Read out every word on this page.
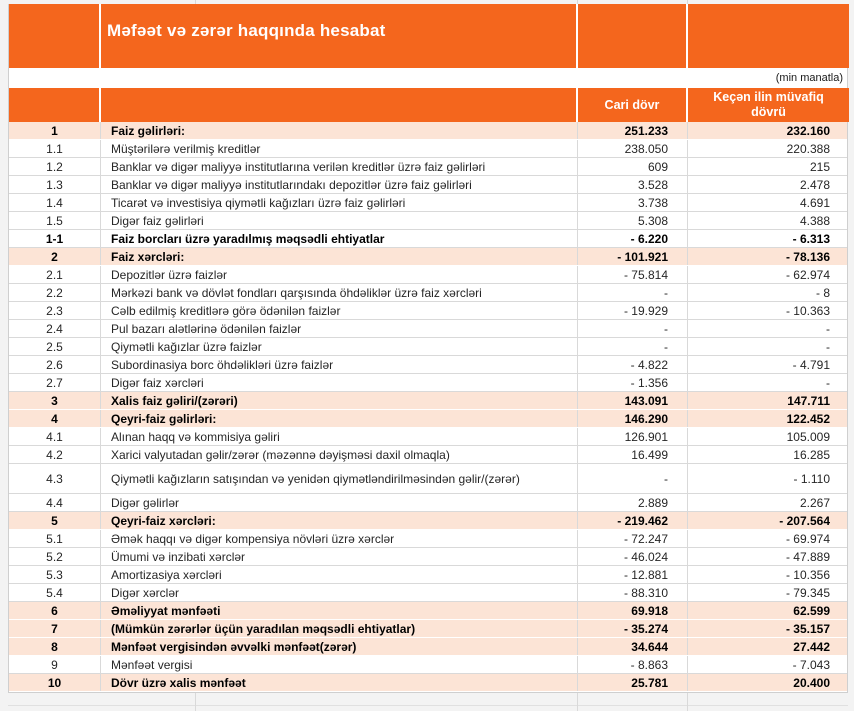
Məfəət və zərər haqqında hesabat
(min manatla)
Cari dövr
Keçən ilin müvafiq dövrü
1	Faiz gəlirləri:	251.233	232.160
1.1	Müştərilərə verilmiş kreditlər	238.050	220.388
1.2	Banklar və digər maliyyə institutlarına verilən kreditlər üzrə faiz gəlirləri	609	215
1.3	Banklar və digər maliyyə institutlarındakı depozitlər üzrə faiz gəlirləri	3.528	2.478
1.4	Ticarət və investisiya qiymətli kağızları üzrə faiz gəlirləri	3.738	4.691
1.5	Digər faiz gəlirləri	5.308	4.388
1-1	Faiz borcları üzrə yaradılmış məqsədli ehtiyatlar	- 6.220	- 6.313
2	Faiz xərcləri:	- 101.921	- 78.136
2.1	Depozitlər üzrə faizlər	- 75.814	- 62.974
2.2	Mərkəzi bank və dövlət fondları qarşısında öhdəliklər üzrə faiz xərcləri	-	- 8
2.3	Cəlb edilmiş kreditlərə görə ödənilən faizlər	- 19.929	- 10.363
2.4	Pul bazarı alətlərinə ödənilən faizlər	-	-
2.5	Qiymətli kağızlar üzrə faizlər	-	-
2.6	Subordinasiya borc öhdəlikləri üzrə faizlər	- 4.822	- 4.791
2.7	Digər faiz xərcləri	- 1.356	-
3	Xalis faiz gəliri/(zərəri)	143.091	147.711
4	Qeyri-faiz gəlirləri:	146.290	122.452
4.1	Alınan haqq və kommisiya gəliri	126.901	105.009
4.2	Xarici valyutadan gəlir/zərər (məzənnə dəyişməsi daxil olmaqla)	16.499	16.285
4.3	Qiymətli kağızların satışından və yenidən qiymətləndirilməsindən gəlir/(zərər)	-	- 1.110
4.4	Digər gəlirlər	2.889	2.267
5	Qeyri-faiz xərcləri:	- 219.462	- 207.564
5.1	Əmək haqqı və digər kompensiya növləri üzrə xərclər	- 72.247	- 69.974
5.2	Ümumi və inzibati xərclər	- 46.024	- 47.889
5.3	Amortizasiya xərcləri	- 12.881	- 10.356
5.4	Digər xərclər	- 88.310	- 79.345
6	Əməliyyat mənfəəti	69.918	62.599
7	(Mümkün zərərlər üçün yaradılan məqsədli ehtiyatlar)	- 35.274	- 35.157
8	Mənfəət vergisindən əvvəlki mənfəət(zərər)	34.644	27.442
9	Mənfəət vergisi	- 8.863	- 7.043
10	Dövr üzrə xalis mənfəət	25.781	20.400
